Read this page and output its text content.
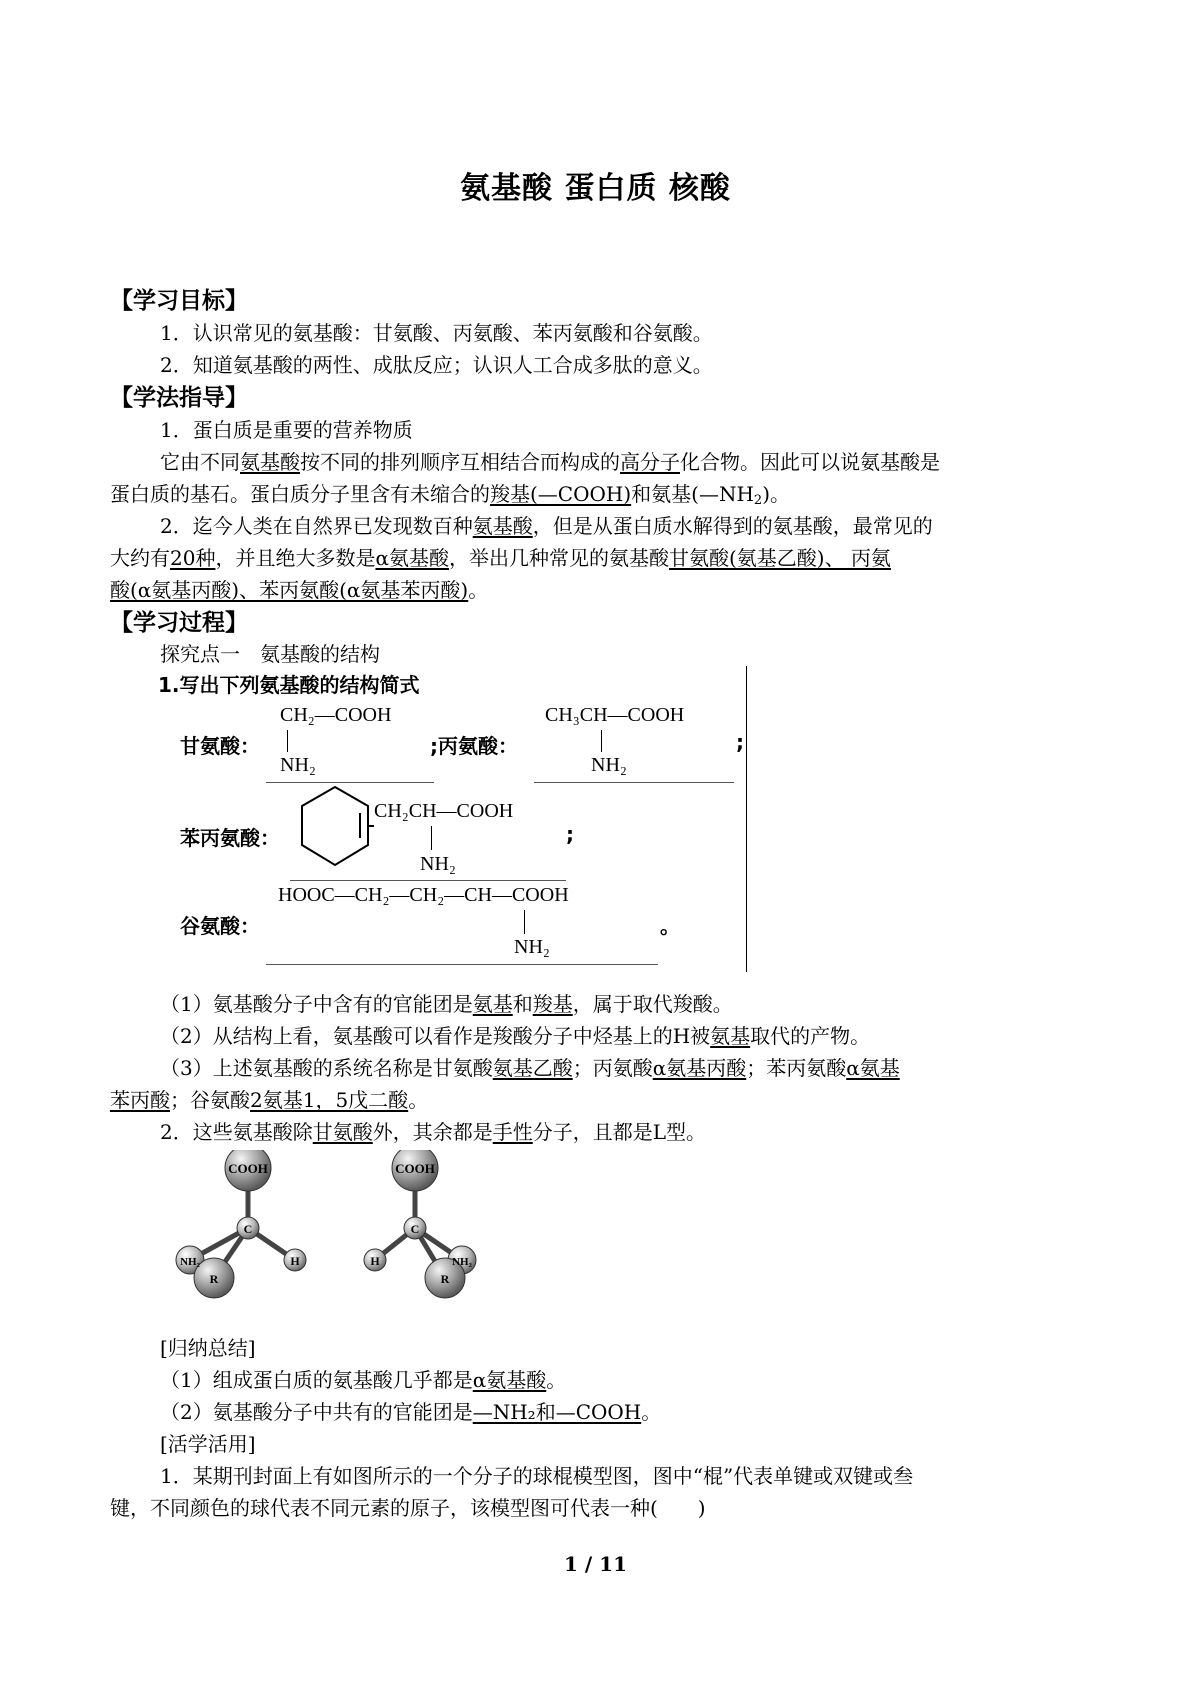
氨基酸 蛋白质 核酸
【学习目标】
1．认识常见的氨基酸：甘氨酸、丙氨酸、苯丙氨酸和谷氨酸。
2．知道氨基酸的两性、成肽反应；认识人工合成多肽的意义。
【学法指导】
1．蛋白质是重要的营养物质
它由不同氨基酸按不同的排列顺序互相结合而构成的高分子化合物。因此可以说氨基酸是
蛋白质的基石。蛋白质分子里含有未缩合的羧基(—COOH)和氨基$(—NH_2)$。
2．迄今人类在自然界已发现数百种氨基酸，但是从蛋白质水解得到的氨基酸，最常见的
大约有20种，并且绝大多数是α氨基酸，举出几种常见的氨基酸甘氨酸(氨基乙酸)、 丙氨
酸(α氨基丙酸)、苯丙氨酸(α氨基苯丙酸)。
【学习过程】
探究点一　氨基酸的结构
1.写出下列氨基酸的结构简式
甘氨酸：
CH₂—COOH
NH₂
;丙氨酸：
CH₃CH—COOH
NH₂
;
苯丙氨酸：
CH₂CH—COOH
NH₂
;
谷氨酸：
HOOC—CH₂—CH₂—CH—COOH
NH₂
。
（1）氨基酸分子中含有的官能团是氨基和羧基，属于取代羧酸。
（2）从结构上看，氨基酸可以看作是羧酸分子中烃基上的H被氨基取代的产物。
（3）上述氨基酸的系统名称是甘氨酸氨基乙酸；丙氨酸α氨基丙酸；苯丙氨酸α氨基
苯丙酸；谷氨酸2氨基1，5戊二酸。
2．这些氨基酸除甘氨酸外，其余都是手性分子，且都是L型。
COOH
C
NH₂	H
R
COOH
C
H	NH₂
R
[归纳总结]
（1）组成蛋白质的氨基酸几乎都是α氨基酸。
（2）氨基酸分子中共有的官能团是—NH₂和—COOH。
[活学活用]
1．某期刊封面上有如图所示的一个分子的球棍模型图，图中“棍”代表单键或双键或叁
键，不同颜色的球代表不同元素的原子，该模型图可代表一种(　　)
1 / 11
